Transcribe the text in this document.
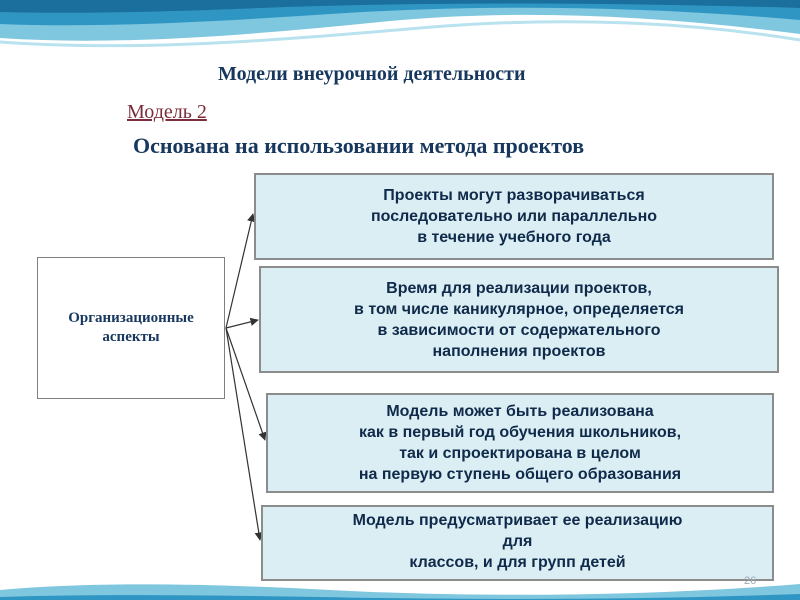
Модели внеурочной деятельности
Модель 2
Основана на использовании метода проектов
Организационные
аспекты
Проекты могут разворачиваться
последовательно или параллельно
в течение учебного года
Время для реализации проектов,
в том числе каникулярное, определяется
в зависимости от содержательного
наполнения проектов
Модель может быть реализована
как в первый год обучения школьников,
так и спроектирована в целом
на первую ступень общего образования
Модель предусматривает ее реализацию
для
классов, и для групп детей
26
